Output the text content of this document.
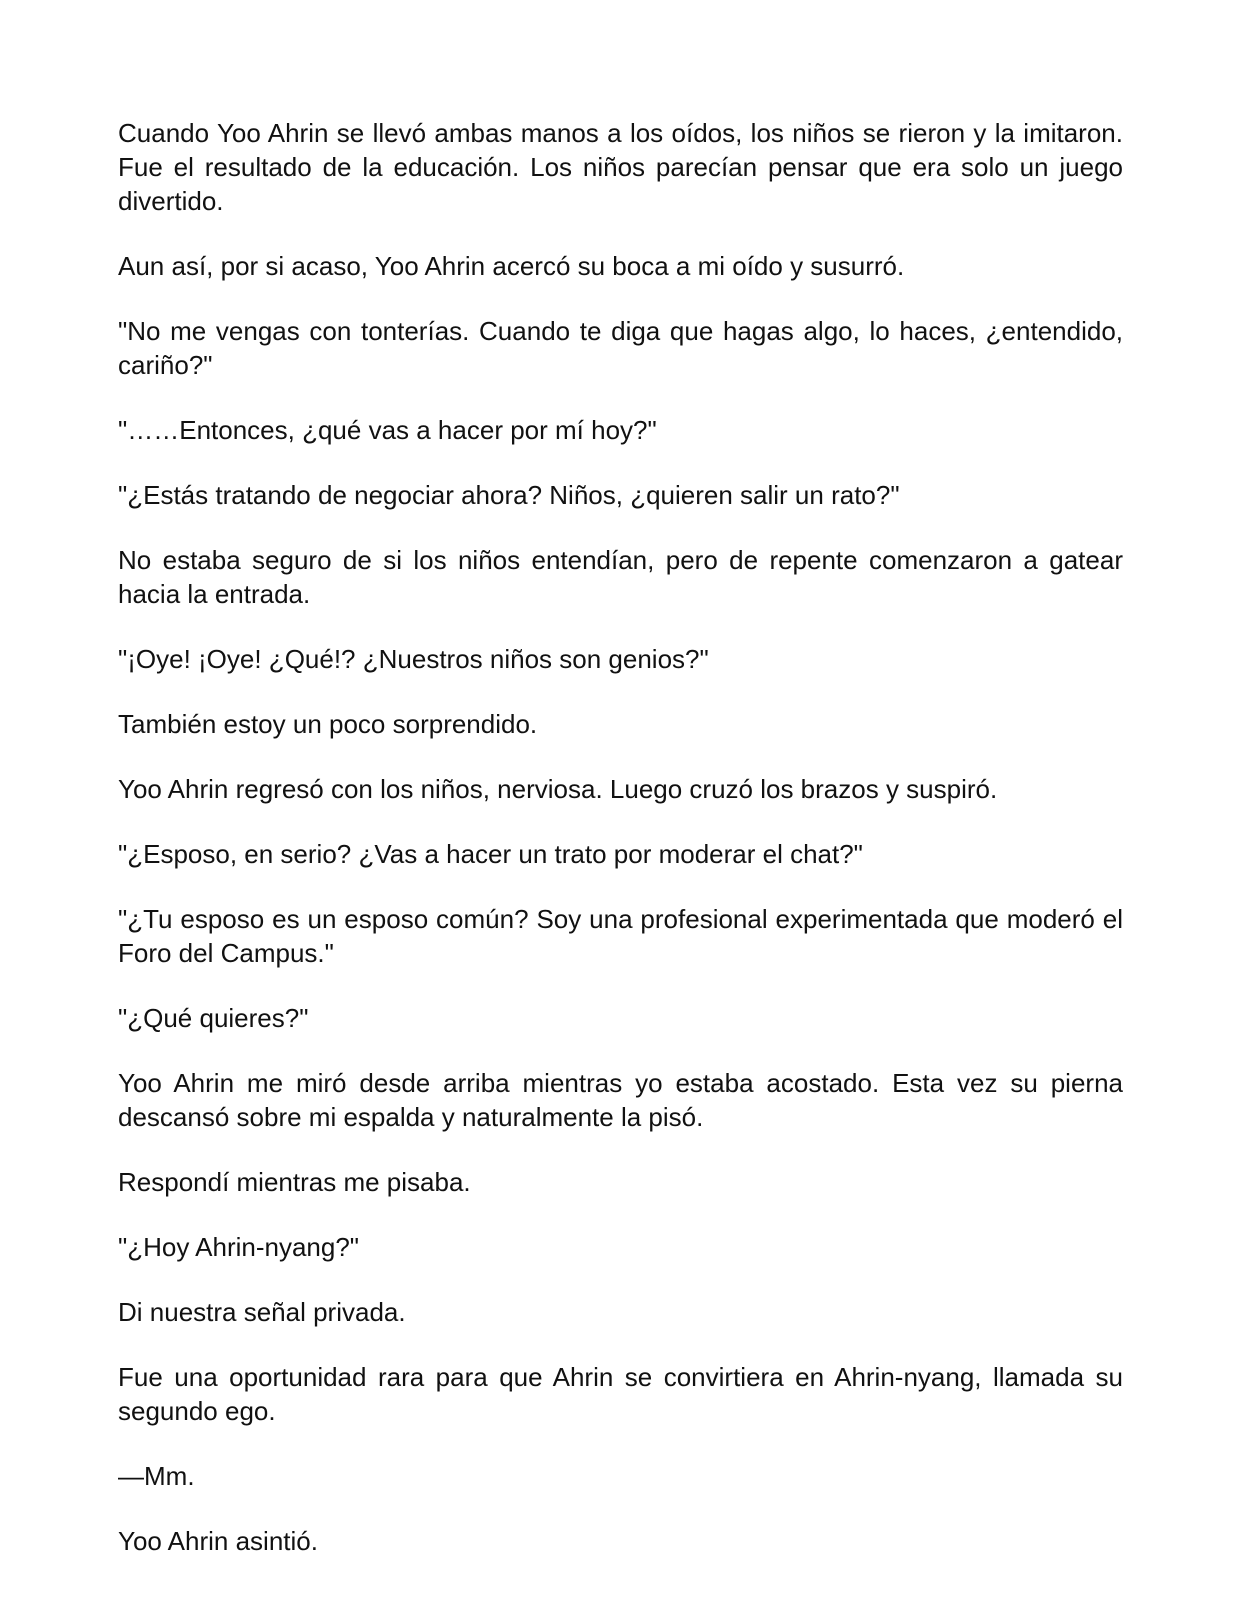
Cuando Yoo Ahrin se llevó ambas manos a los oídos, los niños se rieron y la imitaron. Fue el resultado de la educación. Los niños parecían pensar que era solo un juego divertido.

Aun así, por si acaso, Yoo Ahrin acercó su boca a mi oído y susurró.

"No me vengas con tonterías. Cuando te diga que hagas algo, lo haces, ¿entendido, cariño?"

"……Entonces, ¿qué vas a hacer por mí hoy?"

"¿Estás tratando de negociar ahora? Niños, ¿quieren salir un rato?"

No estaba seguro de si los niños entendían, pero de repente comenzaron a gatear hacia la entrada.

"¡Oye! ¡Oye! ¿Qué!? ¿Nuestros niños son genios?"

También estoy un poco sorprendido.

Yoo Ahrin regresó con los niños, nerviosa. Luego cruzó los brazos y suspiró.

"¿Esposo, en serio? ¿Vas a hacer un trato por moderar el chat?"

"¿Tu esposo es un esposo común? Soy una profesional experimentada que moderó el Foro del Campus."

"¿Qué quieres?"

Yoo Ahrin me miró desde arriba mientras yo estaba acostado. Esta vez su pierna descansó sobre mi espalda y naturalmente la pisó.

Respondí mientras me pisaba.

"¿Hoy Ahrin-nyang?"

Di nuestra señal privada.

Fue una oportunidad rara para que Ahrin se convirtiera en Ahrin-nyang, llamada su segundo ego.

—Mm.

Yoo Ahrin asintió.
